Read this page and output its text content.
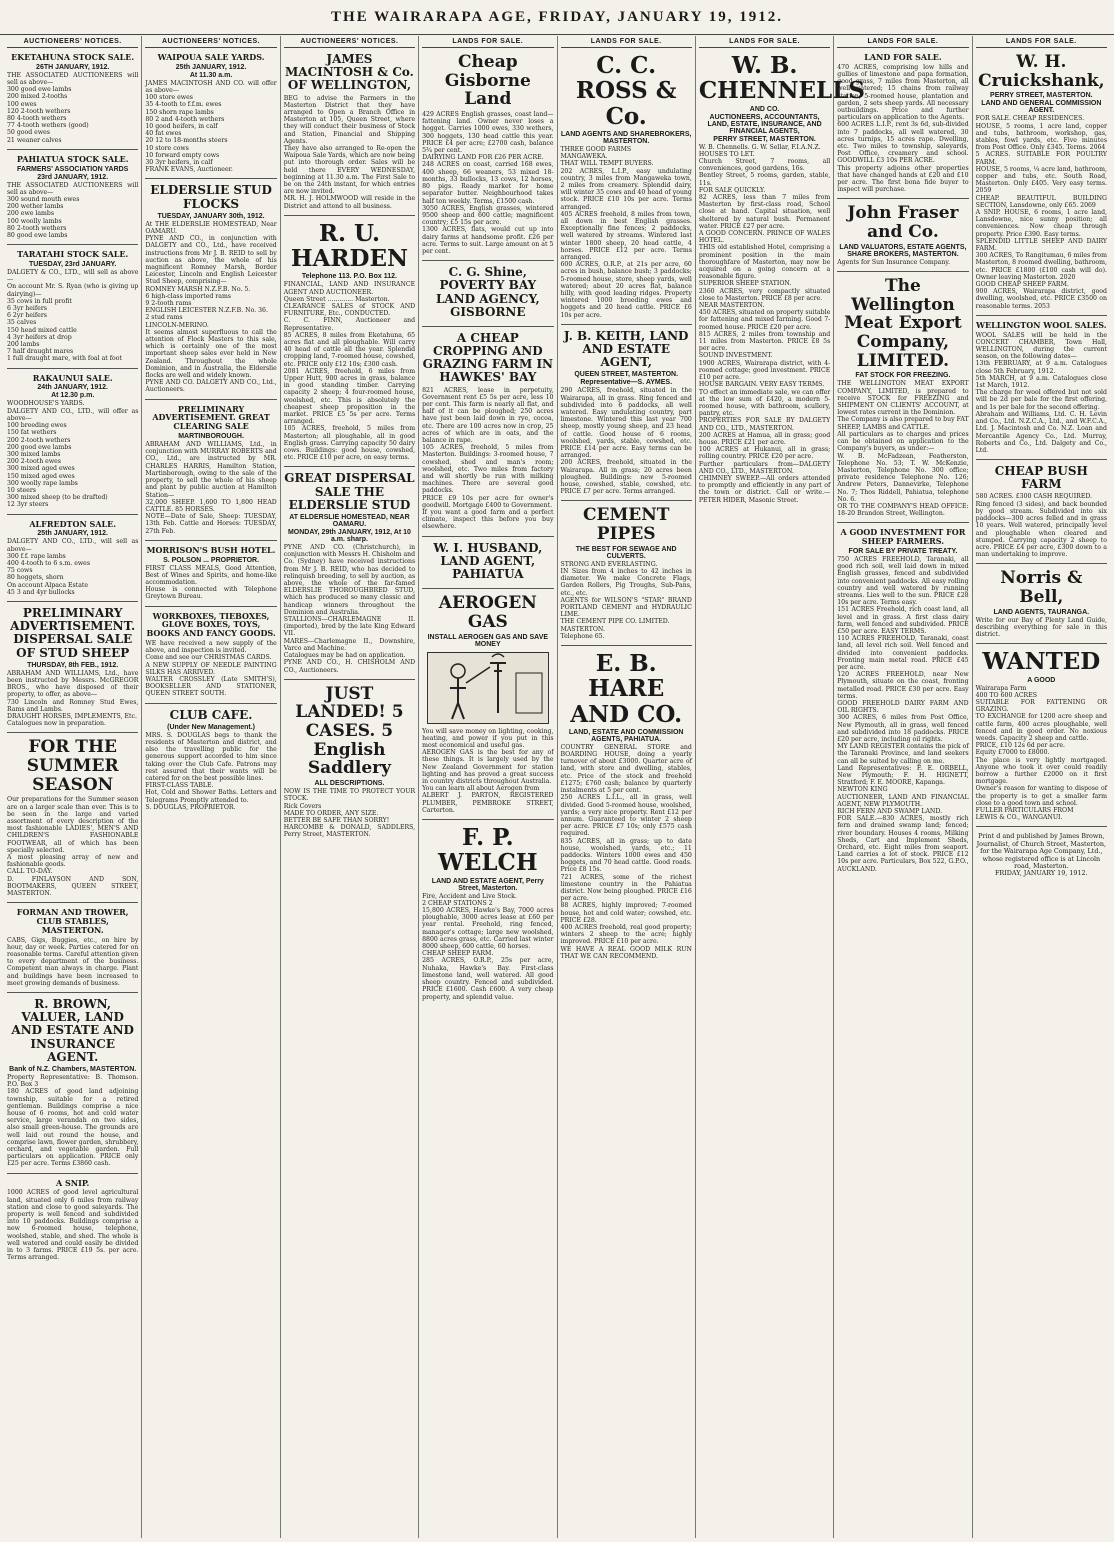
THE WAIRARAPA AGE, FRIDAY, JANUARY 19, 1912.
AUCTIONEERS' NOTICES.
EKETAHUNA STOCK SALE.
26TH JANUARY, 1912.
THE ASSOCIATED AUCTIONEERS will sell as above—
300 good ewe lambs
200 mixed 2-tooths
100 ewes
120 2-tooth wethers
80 4-tooth wethers
77 4-tooth wethers (good)
50 good ewes
21 weaner calves
PAHIATUA STOCK SALE.
FARMERS' ASSOCIATION YARDS
23rd JANUARY, 1912.
THE ASSOCIATED AUCTIONEERS will sell as above—
300 sound mouth ewes
200 wether lambs
200 ewe lambs
100 woolly lambs
80 2-tooth wethers
80 good ewe lambs
TARATAHI STOCK SALE.
TUESDAY, 23rd JANUARY.
DALGETY & CO., LTD., will sell as above—
On account Mr. S. Ryan (who is giving up dairying)—
35 cows in full profit
6 3yr heifers
6 2yr heifers
35 calves
150 head mixed cattle
4 3yr heifers at drop
200 lambs
7 half draught mares
1 full draught mare, with foal at foot
RAKAUNUI SALE.
24th JANUARY, 1912.
At 12.30 p.m.
WOODHOUSE'S YARDS.
DALGETY AND CO., LTD., will offer as above—
100 breeding ewes
150 fat wethers
200 2-tooth wethers
200 good ewe lambs
300 mixed lambs
200 2-tooth ewes
300 mixed aged ewes
150 mixed aged ewes
300 woolly rape lambs
10 steers
300 mixed sheep (to be drafted)
12 3yr steers
ALFREDTON SALE.
25th JANUARY, 1912.
DALGETY AND CO., LTD., will sell as above—
300 f.f. rape lambs
400 4-tooth to 6 s.m. ewes
75 cows
80 hoggets, shorn
On account Alpaca Estate
45 3 and 4yr bullocks
PRELIMINARY ADVERTISEMENT. DISPERSAL SALE OF STUD SHEEP
THURSDAY, 8th FEB., 1912.
ABRAHAM AND WILLIAMS, Ltd., have been instructed by Messrs. McGREGOR BROS., who have disposed of their property, to offer, as above—
730 Lincoln and Romney Stud Ewes, Rams and Lambs.
DRAUGHT HORSES, IMPLEMENTS, Etc.
Catalogues now in preparation.
FOR THE SUMMER SEASON
Our preparations for the Summer season are on a larger scale than ever. This is to be seen in the large and varied assortment of every description of the most fashionable LADIES', MEN'S AND CHILDREN'S FASHIONABLE FOOTWEAR, all of which has been specially selected.
A most pleasing array of new and fashionable goods.
CALL TO-DAY.
D. FINLAYSON AND SON, BOOTMAKERS, QUEEN STREET, MASTERTON.
FORMAN AND TROWER, CLUB STABLES, MASTERTON.
CABS, Gigs, Buggies, etc., on hire by hour, day or week. Parties catered for on reasonable terms. Careful attention given to every department of the business. Competent man always in charge. Plant and buildings have been increased to meet growing demands of business.
R. BROWN, VALUER, LAND AND ESTATE AND INSURANCE AGENT.
Bank of N.Z. Chambers, MASTERTON.
Property Representative: B. Thomson. P.O. Box 3
180 ACRES of good land adjoining township, suitable for a retired gentleman. Buildings comprise a nice house of 6 rooms, hot and cold water service, large verandah on two sides, also small green-house. The grounds are well laid out round the house, and comprise lawn, flower garden, shrubbery, orchard, and vegetable garden. Full particulars on application. PRICE only £25 per acre. Terms £3860 cash.
A SNIP.
1000 ACRES of good level agricultural land, situated only 6 miles from railway station and close to good saleyards. The property is well fenced and subdivided into 10 paddocks. Buildings comprise a new 6-roomed house, telephone, woolshed, stable, and shed. The whole is well watered and could easily be divided in to 3 farms. PRICE £19 5s. per acre. Terms arranged.
AUCTIONEERS' NOTICES.
WAIPOUA SALE YARDS.
25th JANUARY, 1912.
At 11.30 a.m.
JAMES MACINTOSH AND CO. will offer as above—
100 store ewes
35 4-tooth to f.f.m. ewes
150 shorn rape lambs
80 2 and 4-tooth wethers
10 good heifers, in calf
40 fat ewes
20 12 to 18-months steers
10 store cows
10 forward empty cows
30 3yr heifers, in calf
FRANK EVANS, Auctioneer.
ELDERSLIE STUD FLOCKS
TUESDAY, JANUARY 30th, 1912.
At THE ELDERSLIE HOMESTEAD, Near OAMARU.
PYNE AND CO., in conjunction with DALGETY and CO., Ltd., have received instructions from Mr J. B. REID to sell by auction as above, the whole of his magnificent Romney Marsh, Border Leicester, Lincoln and English Leicester Stud Sheep, comprising—
ROMNEY MARSH N.Z.F.B. No. 5.
6 high-class imported rams
9 2-tooth rams
ENGLISH LEICESTER N.Z.F.B. No. 36.
2 stud rams
LINCOLN-MERINO.
It seems almost superfluous to call the attention of Flock Masters to this sale, which is certainly one of the most important sheep sales ever held in New Zealand. Throughout the whole Dominion, and in Australia, the Elderslie flocks are well and widely known.
PYNE AND CO. DALGETY AND CO., Ltd., Auctioneers.
PRELIMINARY ADVERTISEMENT. GREAT CLEARING SALE
MARTINBOROUGH.
ABRAHAM AND WILLIAMS, Ltd., in conjunction with MURRAY ROBERTS and CO., Ltd., are instructed by MR. CHARLES HARRIS, Hamilton Station, Martinborough, owing to the sale of the property, to sell the whole of his sheep and plant by public auction at Hamilton Station—
32,000 SHEEP. 1,600 TO 1,800 HEAD CATTLE. 85 HORSES.
NOTE—Date of Sale, Sheep: TUESDAY, 13th Feb. Cattle and Horses: TUESDAY, 27th Feb.
MORRISON'S BUSH HOTEL.
S. POLSON ... PROPRIETOR.
FIRST CLASS MEALS, Good Attention, Best of Wines and Spirits, and home-like accommodation.
House is connected with Telephone Greytown Bureau.
WORKBOXES, TIEBOXES, GLOVE BOXES, TOYS, BOOKS AND FANCY GOODS.
WE have received a new supply of the above, and inspection is invited.
Come and see our CHRISTMAS CARDS.
A NEW SUPPLY OF NEEDLE PAINTING SILKS HAS ARRIVED.
WALTER CROSSLEY (Late SMITH'S), BOOKSELLER AND STATIONER, QUEEN STREET SOUTH.
CLUB CAFE.
(Under New Management.)
MRS. S. DOUGLAS begs to thank the residents of Masterton and district, and also the travelling public for the generous support accorded to him since taking over the Club Cafe. Patrons may rest assured that their wants will be catered for on the best possible lines.
FIRST-CLASS TABLE.
Hot, Cold and Shower Baths. Letters and Telegrams Promptly attended to.
S. DOUGLAS, PROPRIETOR.
AUCTIONEERS' NOTICES.
JAMES MACINTOSH & Co. OF WELLINGTON,
BEG to advise the Farmers in the Masterton District that they have arranged to Open a Branch Office in Masterton at 105, Queen Street, where they will conduct their business of Stock and Station, Financial and Shipping Agents.
They have also arranged to Re-open the Waipoua Sale Yards, which are now being put into thorough order. Sales will be held there EVERY WEDNESDAY, beginning at 11.30 a.m. The First Sale to be on the 24th instant, for which entries are now invited.
MR. H. J. HOLMWOOD will reside in the District and attend to all business.
R. U. HARDEN
Telephone 113. P.O. Box 112.
FINANCIAL, LAND AND INSURANCE AGENT AND AUCTIONEER.
Queen Street ............. Masterton.
CLEARANCE SALES of STOCK AND FURNITURE, Etc., CONDUCTED.
C. C. FINN, Auctioneer and Representative.
85 ACRES, 8 miles from Eketahuna, 65 acres flat and all ploughable. Will carry 40 head of cattle all the year. Splendid cropping land, 7-roomed house, cowshed, etc. PRICE only £12 10s; £300 cash.
2081 ACRES, freehold, 6 miles from Upper Hutt, 900 acres in grass, balance in good standing timber. Carrying capacity 2 sheep; 4 four-roomed house, woolshed, etc. This is absolutely the cheapest sheep proposition in the market. PRICE £5 5s per acre. Terms arranged.
105 ACRES, freehold, 5 miles from Masterton; all ploughable, all in good English grass. Carrying capacity 50 dairy cows. Buildings: good house, cowshed, etc. PRICE £10 per acre, on easy terms.
GREAT DISPERSAL SALE THE ELDERSLIE STUD
AT ELDERSLIE HOMESTEAD, NEAR OAMARU.
MONDAY, 29th JANUARY, 1912, At 10 a.m. sharp.
PYNE AND CO. (Christchurch), in conjunction with Messrs H. Chisholm and Co. (Sydney) have received instructions from Mr J. B. REID, who has decided to relinquish breeding, to sell by auction, as above, the whole of the far-famed ELDERSLIE THOROUGHBRED STUD, which has produced so many classic and handicap winners throughout the Dominion and Australia.
STALLIONS—CHARLEMAGNE II. (imported), bred by the late King Edward VII.
MARES—Charlemagne II., Downshire, Varco and Machine.
Catalogues may be had on application.
PYNE AND CO., H. CHISHOLM AND CO., Auctioneers.
JUST LANDED! 5 CASES. 5 English Saddlery
ALL DESCRIPTIONS.
NOW IS THE TIME TO PROTECT YOUR STOCK.
Rick Covers
MADE TO ORDER, ANY SIZE.
BETTER BE SAFE THAN SORRY!
HARCOMBE & DONALD, SADDLERS, Perry Street, MASTERTON.
LANDS FOR SALE.
Cheap Gisborne Land
429 ACRES English grasses, coast land—fattening land. Owner never loses a hogget. Carries 1000 ewes, 330 wethers, 300 hoggets, 130 head cattle this year. PRICE £4 per acre; £2700 cash, balance 5¾ per cent.
DAIRYING LAND FOR £26 PER ACRE.
248 ACRES on coast, carried 168 ewes, 400 sheep, 66 weaners, 53 mixed 18-months, 33 bullocks, 13 cows, 12 horses, 80 pigs. Ready market for home separator butter. Neighbourhood takes half ton weekly. Terms, £1500 cash.
3050 ACRES, English grasses, wintered 9500 sheep and 600 cattle; magnificent country; £5 15s per acre.
1300 ACRES, flats, would cut up into dairy farms at handsome profit. £26 per acre. Terms to suit. Large amount on at 5 per cent.
C. G. Shine, POVERTY BAY LAND AGENCY, GISBORNE
A CHEAP CROPPING AND GRAZING FARM IN HAWKES' BAY
821 ACRES, lease in perpetuity, Government rent £5 5s per acre, less 10 per cent. This farm is nearly all flat, and half of it can be ploughed; 250 acres have just been laid down in rye, cocoa, etc. There are 100 acres now in crop, 25 acres of which are in oats, and the balance in rape.
105 ACRES, freehold, 5 miles from Masterton. Buildings: 3-roomed house, 7 cowshed, shed and man's room; woolshed, etc. Two miles from factory and will shortly be run with milking machines. There are several good paddocks.
PRICE £9 10s per acre for owner's goodwill. Mortgage £400 to Government.
If you want a good farm and a perfect climate, inspect this before you buy elsewhere.
W. I. HUSBAND, LAND AGENT, PAHIATUA
AEROGEN GAS
INSTALL AEROGEN GAS AND SAVE MONEY
You will save money on lighting, cooking, heating, and power if you put in this most economical and useful gas.
AEROGEN GAS is the best for any of these things. It is largely used by the New Zealand Government for station lighting and has proved a great success in country districts throughout Australia.
You can learn all about Aerogen from
ALBERT J. PARTON, REGISTERED PLUMBER, PEMBROKE STREET, Carterton.
F. P. WELCH
LAND AND ESTATE AGENT, Perry Street, Masterton.
Fire, Accident and Live Stock.
2 CHEAP STATIONS 2
15,800 ACRES, Hawke's Bay, 7000 acres ploughable, 3000 acres lease at £60 per year rental. Freehold, ring fenced, manager's cottage; large new woolshed, 8800 acres grass, etc. Carried last winter 8000 sheep, 600 cattle, 60 horses.
CHEAP SHEEP FARM.
285 ACRES, O.R.P., 25s per acre, Nuhaka, Hawke's Bay. First-class limestone land, well watered. All good sheep country. Fenced and subdivided. PRICE £1600. Cash £600. A very cheap property, and splendid value.
LANDS FOR SALE.
C. C. ROSS & Co.
LAND AGENTS AND SHAREBROKERS, MASTERTON.
THREE GOOD FARMS
MANGAWEKA.
THAT WILL TEMPT BUYERS.
202 ACRES, L.I.P., easy undulating country, 3 miles from Mangaweka town, 2 miles from creamery. Splendid dairy, will winter 35 cows and 40 head of young stock. PRICE £10 10s per acre. Terms arranged.
405 ACRES freehold, 8 miles from town, all down in best English grasses. Exceptionally fine fences; 2 paddocks, well watered by streams. Wintered last winter 1800 sheep, 20 head cattle, 4 horses. PRICE £12 per acre. Terms arranged.
600 ACRES, O.R.P., at 21s per acre, 60 acres in bush, balance bush; 3 paddocks; 5-roomed house, store, sheep yards, well watered; about 20 acres flat, balance hilly, with good leading ridges. Property wintered 1000 breeding ewes and hoggets and 20 head cattle. PRICE £6 10s per acre.
J. B. KEITH, LAND AND ESTATE AGENT,
QUEEN STREET, MASTERTON.
Representative—S. AYMES.
290 ACRES, freehold, situated in the Wairarapa, all in grass. Ring fenced and subdivided into 6 paddocks, all well watered. Easy undulating country, part limestone. Wintered this last year 700 sheep, mostly young sheep, and 23 head of cattle. Good house of 6 rooms, woolshed, yards, stable, cowshed, etc. PRICE £14 per acre. Easy terms can be arranged.
200 ACRES, freehold, situated in the Wairarapa. All in grass; 20 acres been ploughed. Buildings: new 5-roomed house, cowshed, stable, cowshed, etc. PRICE £7 per acre. Terms arranged.
CEMENT PIPES
THE BEST FOR SEWAGE AND CULVERTS.
STRONG AND EVERLASTING.
IN Sizes from 4 inches to 42 inches in diameter. We make Concrete Flags, Garden Rollers, Pig Troughs, Sub-Pans, etc., etc.
AGENTS for WILSON'S "STAR" BRAND PORTLAND CEMENT and HYDRAULIC LIME.
THE CEMENT PIPE CO. LIMITED.
MASTERTON.
Telephone 65.
E. B. HARE AND CO.
LAND, ESTATE AND COMMISSION AGENTS, PAHIATUA.
COUNTRY GENERAL STORE and BOARDING HOUSE, doing a yearly turnover of about £3000. Quarter acre of land, with store and dwelling, stables, etc. Price of the stock and freehold £1275; £760 cash; balance by quarterly instalments at 5 per cent.
250 ACRES L.I.L., all in grass, well divided. Good 5-roomed house, woolshed, yards; a very nice property. Rent £12 per annum. Guaranteed to winter 2 sheep per acre. PRICE £7 10s; only £575 cash required.
835 ACRES, all in grass; up to date house, woolshed, yards, etc.; 11 paddocks. Winters 1000 ewes and 450 hoggets, and 70 head cattle. Good roads. Price £8 15s.
721 ACRES, some of the richest limestone country in the Pahiatua district. Now being ploughed. PRICE £16 per acre.
88 ACRES, highly improved; 7-roomed house, hot and cold water; cowshed, etc. PRICE £28.
400 ACRES freehold, real good property; winters 2 sheep to the acre; highly improved. PRICE £10 per acre.
WE HAVE A REAL GOOD MILK RUN THAT WE CAN RECOMMEND.
LANDS FOR SALE.
W. B. CHENNELLS
AND CO.
AUCTIONEERS, ACCOUNTANTS, LAND, ESTATE, INSURANCE, AND FINANCIAL AGENTS,
PERRY STREET, MASTERTON.
W. B. Chennells. G. W. Sellar, F.I.A.N.Z.
HOUSES TO LET.
Church Street, 7 rooms, all conveniences, good gardens, 16s.
Bentley Street, 5 rooms, garden, stable, 11s.
FOR SALE QUICKLY.
82 ACRES, less than 7 miles from Masterton by first-class road, School close at hand. Capital situation, well sheltered by natural bush. Permanent water. PRICE £27 per acre.
A GOOD CONCERN. PRINCE OF WALES HOTEL.
THIS old established Hotel, comprising a prominent position in the main thoroughfare of Masterton, may now be acquired on a going concern at a reasonable figure.
SUPERIOR SHEEP STATION.
2360 ACRES, very compactly situated close to Masterton. PRICE £8 per acre.
NEAR MASTERTON.
450 ACRES, situated on property suitable for fattening and mixed farming. Good 7-roomed house. PRICE £20 per acre.
815 ACRES, 2 miles from township and 11 miles from Masterton. PRICE £8 5s per acre.
SOUND INVESTMENT.
1900 ACRES, Wairarapa district, with 4-roomed cottage; good investment. PRICE £10 per acre.
HOUSE BARGAIN. VERY EASY TERMS.
TO effect an immediate sale, we can offer at the low sum of £420, a modern 5-roomed house, with bathroom, scullery, pantry, etc.
PROPERTIES FOR SALE BY DALGETY AND CO., LTD., MASTERTON.
200 ACRES at Hamua, all in grass; good house. PRICE £21 per acre.
100 ACRES at Hukanui, all in grass; rolling country. PRICE £20 per acre.
Further particulars from—DALGETY AND CO., LTD., MASTERTON.
CHIMNEY SWEEP.—All orders attended to promptly and efficiently in any part of the town or district. Call or write.—PETER HIDER, Masonic Street.
LANDS FOR SALE.
LAND FOR SALE.
470 ACRES, comprising low hills and gullies of limestone and papa formation, good grass, 7 miles from Masterton, all well watered; 15 chains from railway station; 5-roomed house, plantation and garden, 2 sets sheep yards. All necessary outbuildings. Price and further particulars on application to the Agents.
600 ACRES L.I.P., rent 3s 6d, sub-divided into 7 paddocks, all well watered, 30 acres turnips, 15 acres rape. Dwelling, etc. Two miles to township, saleyards, Post Office, creamery and school. GOODWILL £3 10s PER ACRE.
This property adjoins other properties that have changed hands at £20 and £10 per acre. The first bona fide buyer to inspect will purchase.
John Fraser and Co.
LAND VALUATORS, ESTATE AGENTS, SHARE BROKERS, MASTERTON.
Agents for Sun Insurance Company.
The Wellington Meat Export Company, LIMITED.
FAT STOCK FOR FREEZING.
THE WELLINGTON MEAT EXPORT COMPANY, LIMITED, is prepared to receive STOCK for FREEZING and SHIPMENT ON CLIENTS' ACCOUNT, at lowest rates current in the Dominion.
The Company is also prepared to buy FAT SHEEP, LAMBS and CATTLE.
All particulars as to charges and prices can be obtained on application to the Company's buyers, as under:—
W. B. McFadzean, Featherston, Telephone No. 53; T. W. McKenzie, Masterton, Telephone No. 300 office; private residence Telephone No. 126; Andrew Peters, Dannevirke, Telephone No. 7; Thos Riddell, Pahiatua, telephone No. 6.
OR TO THE COMPANY'S HEAD OFFICE: 18-20 Brandon Street, Wellington.
A GOOD INVESTMENT FOR SHEEP FARMERS.
FOR SALE BY PRIVATE TREATY.
750 ACRES FREEHOLD, Taranaki, all good rich soil, well laid down in mixed English grasses, fenced and subdivided into convenient paddocks. All easy rolling country and well watered by running streams. Lies well to the sun. PRICE £28 10s per acre. Terms easy.
151 ACRES Freehold, rich coast land, all level and in grass. A first class dairy farm, well fenced and subdivided. PRICE £50 per acre. EASY TERMS.
110 ACRES FREEHOLD, Taranaki, coast land, all level rich soil. Well fenced and divided into convenient paddocks. Fronting main metal road. PRICE £45 per acre.
120 ACRES FREEHOLD, near New Plymouth, situate on the coast, fronting metalled road. PRICE £30 per acre. Easy terms.
GOOD FREEHOLD DAIRY FARM AND OIL RIGHTS.
300 ACRES, 6 miles from Post Office, New Plymouth, all in grass, well fenced and subdivided into 18 paddocks. PRICE £20 per acre, including oil rights.
MY LAND REGISTER contains the pick of the Taranaki Province, and land seekers can all be suited by calling on me.
Land Representatives: F. E. ORBELL, New Plymouth; F. H. HIGNETT, Stratford; F. E. MOORE, Kapanga.
NEWTON KING
AUCTIONEER, LAND AND FINANCIAL AGENT, NEW PLYMOUTH.
RICH FERN AND SWAMP LAND.
FOR SALE.—830 ACRES, mostly rich fern and drained swamp land; fenced; river boundary. Houses 4 rooms, Milking Sheds, Cart and Implement Sheds, Orchard, etc. Eight miles from seaport. Land carries a lot of stock. PRICE £12 10s per acre. Particulars, Box 522, G.P.O., AUCKLAND.
LANDS FOR SALE.
W. H. Cruickshank,
PERRY STREET, MASTERTON.
LAND AND GENERAL COMMISSION AGENT.
FOR SALE. CHEAP RESIDENCES.
HOUSE, 5 rooms, 1 acre land, copper and tubs, bathroom, workshop, gas, stables, fowl yards, etc. Five minutes from Post Office. Only £345. Terms. 2064
5 ACRES. SUITABLE FOR POULTRY FARM.
HOUSE, 5 rooms, ¼ acre land, bathroom, copper and tubs, etc. South Road, Masterton. Only £405. Very easy terms. 2059
CHEAP. BEAUTIFUL BUILDING SECTION, Lansdowne, only £65. 2069
A SNIP. HOUSE, 6 rooms, 1 acre land, Lansdowne, nice sunny position; all conveniences. Now cheap through property. Price £390. Easy terms.
SPLENDID LITTLE SHEEP AND DAIRY FARM.
300 ACRES, To Rangitumau, 6 miles from Masterton, 8 roomed dwelling, bathroom, etc. PRICE £1800 (£100 cash will do). Owner leaving Masterton. 2020
GOOD CHEAP SHEEP FARM.
900 ACRES, Wairarapa district, good dwelling, woolshed, etc. PRICE £3500 on reasonable terms. 2053
WELLINGTON WOOL SALES.
WOOL SALES will be held in the CONCERT CHAMBER, Town Hall, WELLINGTON, during the current season, on the following dates—
13th FEBRUARY, at 9 a.m. Catalogues close 5th February, 1912.
5th MARCH, at 9 a.m. Catalogues close 1st March, 1912.
The charge for wool offered but not sold will be 2d per bale for the first offering, and 1s per bale for the second offering.
Abraham and Williams, Ltd. C. H. Levin and Co., Ltd. N.Z.C.A., Ltd., and W.F.C.A., Ltd. J. Macintosh and Co. N.Z. Loan and Mercantile Agency Co., Ltd. Murray, Roberts and Co., Ltd. Dalgety and Co., Ltd.
CHEAP BUSH FARM
580 ACRES. £300 CASH REQUIRED.
Ring fenced (3 sides), and back bounded by good stream. Subdivided into six paddocks—300 acres felled and in grass 10 years. Well watered, principally level and ploughable when cleared and stumped. Carrying capacity 2 sheep to acre. PRICE £4 per acre, £300 down to a man undertaking to improve.
Norris & Bell,
LAND AGENTS, TAURANGA.
Write for our Bay of Plenty Land Guide, describing everything for sale in this district.
WANTED
A GOOD
Wairarapa Farm
400 TO 600 ACRES
SUITABLE FOR FATTENING OR GRAZING.
TO EXCHANGE for 1200 acre sheep and cattle farm, 400 acres ploughable, well fenced and in good order. No noxious weeds. Capacity 2 sheep and cattle.
PRICE, £10 12s 6d per acre.
Equity £7000 to £8000.
The place is very lightly mortgaged. Anyone who took it over could readily borrow a further £2000 on it first mortgage.
Owner's reason for wanting to dispose of the property is to get a smaller farm close to a good town and school.
FULLER PARTICULARS FROM
LEWIS & CO., WANGANUI.
Print d and published by James Brown, Journalist, of Church Street, Masterton, for the Wairarapa Age Company, Ltd., whose registered office is at Lincoln road, Masterton.
FRIDAY, JANUARY 19, 1912.
